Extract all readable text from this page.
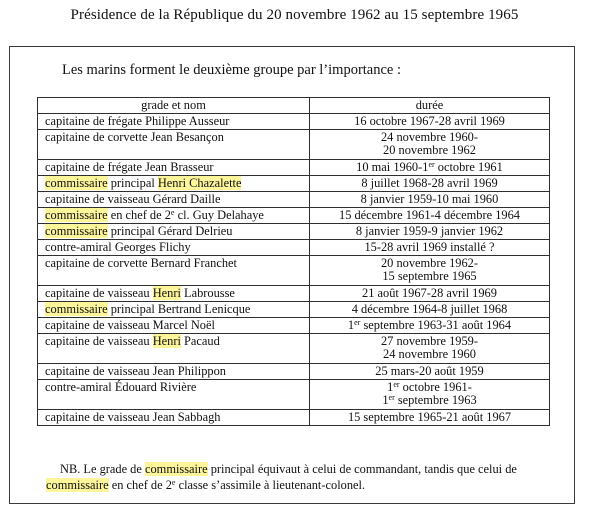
Présidence de la République du 20 novembre 1962 au 15 septembre 1965
Les marins forment le deuxième groupe par l’importance :
grade et nom	durée
capitaine de frégate Philippe Ausseur	16 octobre 1967-28 avril 1969

capitaine de corvette Jean Besançon	24 novembre 1960-
20 novembre 1962

capitaine de frégate Jean Brasseur	10 mai 1960-1er octobre 1961

commissaire principal Henri Chazalette	8 juillet 1968-28 avril 1969

capitaine de vaisseau Gérard Daille	8 janvier 1959-10 mai 1960

commissaire en chef de 2e cl. Guy Delahaye	15 décembre 1961-4 décembre 1964

commissaire principal Gérard Delrieu	8 janvier 1959-9 janvier 1962

contre-amiral Georges Flichy	15-28 avril 1969 installé ?

capitaine de corvette Bernard Franchet	20 novembre 1962-
15 septembre 1965

capitaine de vaisseau Henri Labrousse	21 août 1967-28 avril 1969

commissaire principal Bertrand Lenicque	4 décembre 1964-8 juillet 1968

capitaine de vaisseau Marcel Noël	1er septembre 1963-31 août 1964

capitaine de vaisseau Henri Pacaud	27 novembre 1959-
24 novembre 1960

capitaine de vaisseau Jean Philippon	25 mars-20 août 1959

contre-amiral Édouard Rivière	1er octobre 1961-
1er septembre 1963

capitaine de vaisseau Jean Sabbagh	15 septembre 1965-21 août 1967
NB. Le grade de commissaire principal équivaut à celui de commandant, tandis que celui de commissaire en chef de 2e classe s’assimile à lieutenant-colonel.
